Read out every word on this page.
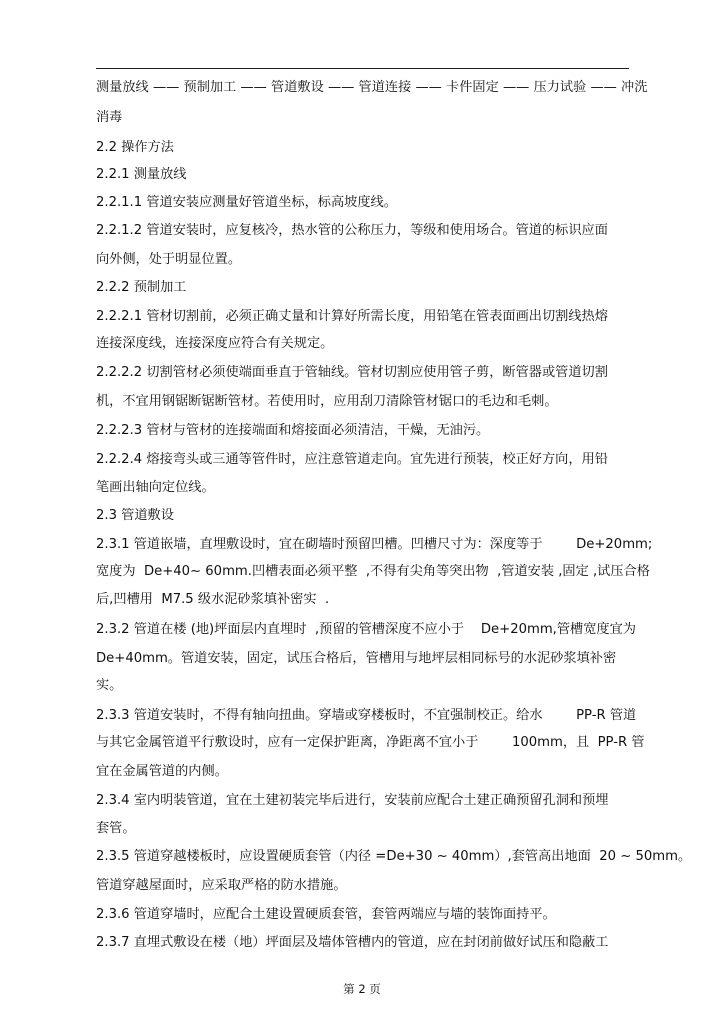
测量放线 —— 预制加工 —— 管道敷设 —— 管道连接 —— 卡件固定 —— 压力试验 —— 冲洗
消毒
2.2 操作方法
2.2.1 测量放线
2.2.1.1 管道安装应测量好管道坐标，标高坡度线。
2.2.1.2 管道安装时，应复核冷，热水管的公称压力，等级和使用场合。管道的标识应面
向外侧，处于明显位置。
2.2.2 预制加工
2.2.2.1 管材切割前，必须正确丈量和计算好所需长度，用铅笔在管表面画出切割线热熔
连接深度线，连接深度应符合有关规定。
2.2.2.2 切割管材必须使端面垂直于管轴线。管材切割应使用管子剪，断管器或管道切割
机，不宜用钢锯断锯断管材。若使用时，应用刮刀清除管材锯口的毛边和毛刺。
2.2.2.3 管材与管材的连接端面和熔接面必须清洁，干燥，无油污。
2.2.2.4 熔接弯头或三通等管件时，应注意管道走向。宜先进行预装，校正好方向，用铅
笔画出轴向定位线。
2.3 管道敷设
2.3.1 管道嵌墙，直埋敷设时，宜在砌墙时预留凹槽。凹槽尺寸为：深度等于        De+20mm;
宽度为  De+40~ 60mm.凹槽表面必须平整  ,不得有尖角等突出物  ,管道安装 ,固定 ,试压合格
后,凹槽用  M7.5 级水泥砂浆填补密实  .
2.3.2 管道在楼 (地)坪面层内直埋时  ,预留的管槽深度不应小于    De+20mm,管槽宽度宜为
De+40mm。管道安装，固定，试压合格后，管槽用与地坪层相同标号的水泥砂浆填补密
实。
2.3.3 管道安装时，不得有轴向扭曲。穿墙或穿楼板时，不宜强制校正。给水        PP-R 管道
与其它金属管道平行敷设时，应有一定保护距离，净距离不宜小于        100mm，且  PP-R 管
宜在金属管道的内侧。
2.3.4 室内明装管道，宜在土建初装完毕后进行，安装前应配合土建正确预留孔洞和预埋
套管。
2.3.5 管道穿越楼板时，应设置硬质套管（内径 =De+30 ~ 40mm）,套管高出地面  20 ~ 50mm。
管道穿越屋面时，应采取严格的防水措施。
2.3.6 管道穿墙时，应配合土建设置硬质套管，套管两端应与墙的装饰面持平。
2.3.7 直埋式敷设在楼（地）坪面层及墙体管槽内的管道，应在封闭前做好试压和隐蔽工
第 2 页
